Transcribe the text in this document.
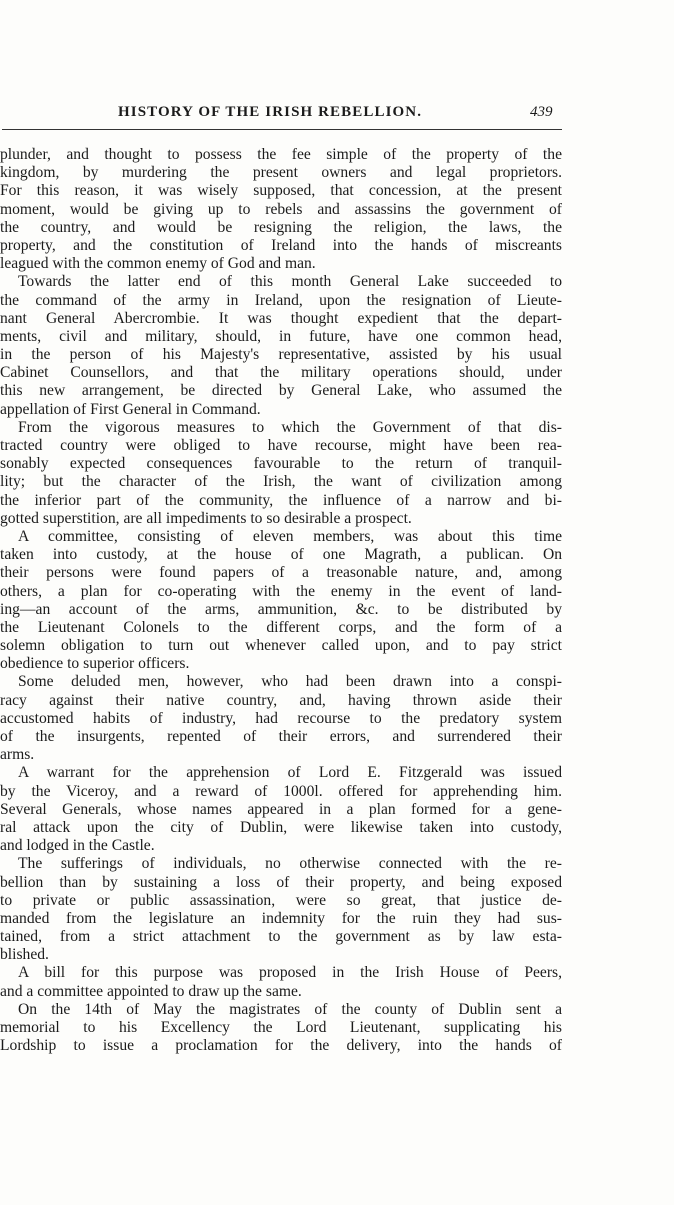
HISTORY OF THE IRISH REBELLION.	439
plunder, and thought to possess the fee simple of the property of the
kingdom, by murdering the present owners and legal proprietors.
For this reason, it was wisely supposed, that concession, at the present
moment, would be giving up to rebels and assassins the government of
the country, and would be resigning the religion, the laws, the
property, and the constitution of Ireland into the hands of miscreants
leagued with the common enemy of God and man.
Towards the latter end of this month General Lake succeeded to
the command of the army in Ireland, upon the resignation of Lieute-
nant General Abercrombie. It was thought expedient that the depart-
ments, civil and military, should, in future, have one common head,
in the person of his Majesty's representative, assisted by his usual
Cabinet Counsellors, and that the military operations should, under
this new arrangement, be directed by General Lake, who assumed the
appellation of First General in Command.
From the vigorous measures to which the Government of that dis-
tracted country were obliged to have recourse, might have been rea-
sonably expected consequences favourable to the return of tranquil-
lity; but the character of the Irish, the want of civilization among
the inferior part of the community, the influence of a narrow and bi-
gotted superstition, are all impediments to so desirable a prospect.
A committee, consisting of eleven members, was about this time
taken into custody, at the house of one Magrath, a publican. On
their persons were found papers of a treasonable nature, and, among
others, a plan for co-operating with the enemy in the event of land-
ing—an account of the arms, ammunition, &c. to be distributed by
the Lieutenant Colonels to the different corps, and the form of a
solemn obligation to turn out whenever called upon, and to pay strict
obedience to superior officers.
Some deluded men, however, who had been drawn into a conspi-
racy against their native country, and, having thrown aside their
accustomed habits of industry, had recourse to the predatory system
of the insurgents, repented of their errors, and surrendered their
arms.
A warrant for the apprehension of Lord E. Fitzgerald was issued
by the Viceroy, and a reward of 1000l. offered for apprehending him.
Several Generals, whose names appeared in a plan formed for a gene-
ral attack upon the city of Dublin, were likewise taken into custody,
and lodged in the Castle.
The sufferings of individuals, no otherwise connected with the re-
bellion than by sustaining a loss of their property, and being exposed
to private or public assassination, were so great, that justice de-
manded from the legislature an indemnity for the ruin they had sus-
tained, from a strict attachment to the government as by law esta-
blished.
A bill for this purpose was proposed in the Irish House of Peers,
and a committee appointed to draw up the same.
On the 14th of May the magistrates of the county of Dublin sent a
memorial to his Excellency the Lord Lieutenant, supplicating his
Lordship to issue a proclamation for the delivery, into the hands of
